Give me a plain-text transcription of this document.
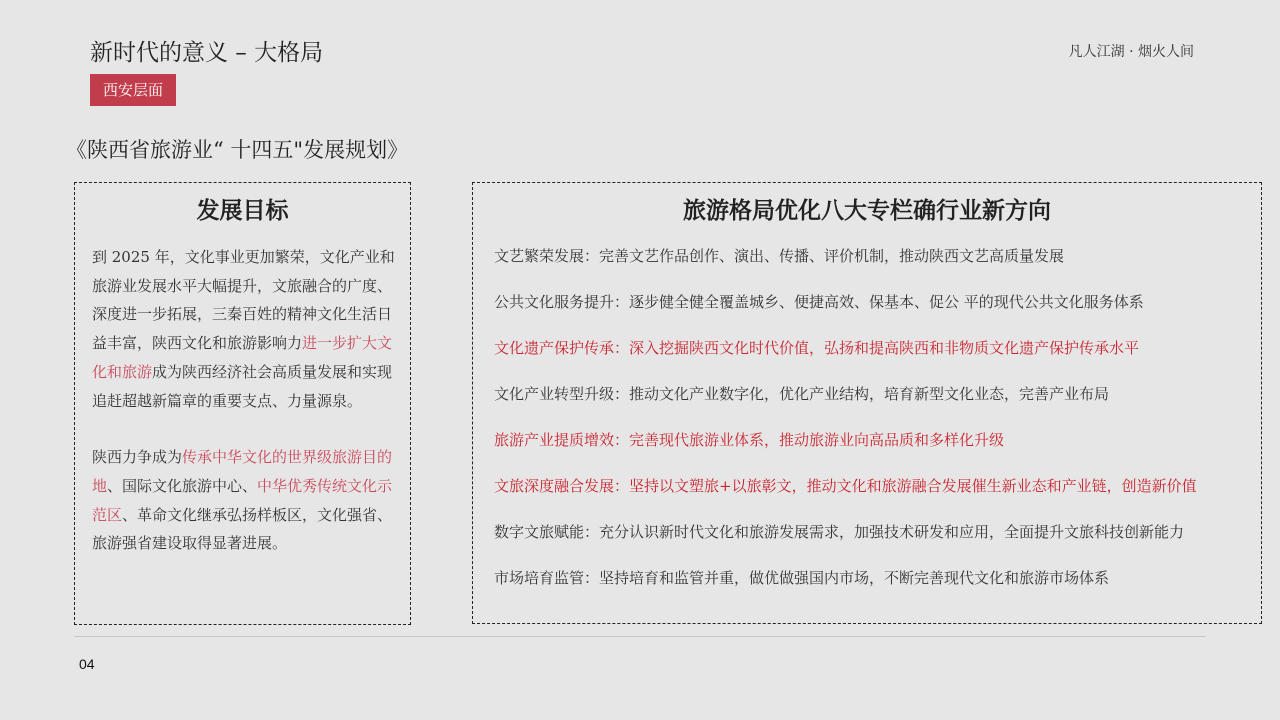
新时代的意义 – 大格局	凡人江湖 · 烟火人间
西安层面
《陕西省旅游业“ 十四五"发展规划》
发展目标

到 2025 年，文化事业更加繁荣，文化产业和旅游业发展水平大幅提升，文旅融合的广度、深度进一步拓展，三秦百姓的精神文化生活日益丰富，陕西文化和旅游影响力进一步扩大文化和旅游成为陕西经济社会高质量发展和实现追赶超越新篇章的重要支点、力量源泉。

陕西力争成为传承中华文化的世界级旅游目的地、国际文化旅游中心、中华优秀传统文化示范区、革命文化继承弘扬样板区，文化强省、旅游强省建设取得显著进展。

旅游格局优化八大专栏确行业新方向
文艺繁荣发展：完善文艺作品创作、演出、传播、评价机制，推动陕西文艺高质量发展
公共文化服务提升：逐步健全健全覆盖城乡、便捷高效、保基本、促公 平的现代公共文化服务体系
文化遗产保护传承：深入挖掘陕西文化时代价值，弘扬和提高陕西和非物质文化遗产保护传承水平
文化产业转型升级：推动文化产业数字化，优化产业结构，培育新型文化业态，完善产业布局
旅游产业提质增效：完善现代旅游业体系，推动旅游业向高品质和多样化升级
文旅深度融合发展：坚持以文塑旅+以旅彰文，推动文化和旅游融合发展催生新业态和产业链，创造新价值
数字文旅赋能：充分认识新时代文化和旅游发展需求，加强技术研发和应用，全面提升文旅科技创新能力
市场培育监管：坚持培育和监管并重，做优做强国内市场，不断完善现代文化和旅游市场体系
04
